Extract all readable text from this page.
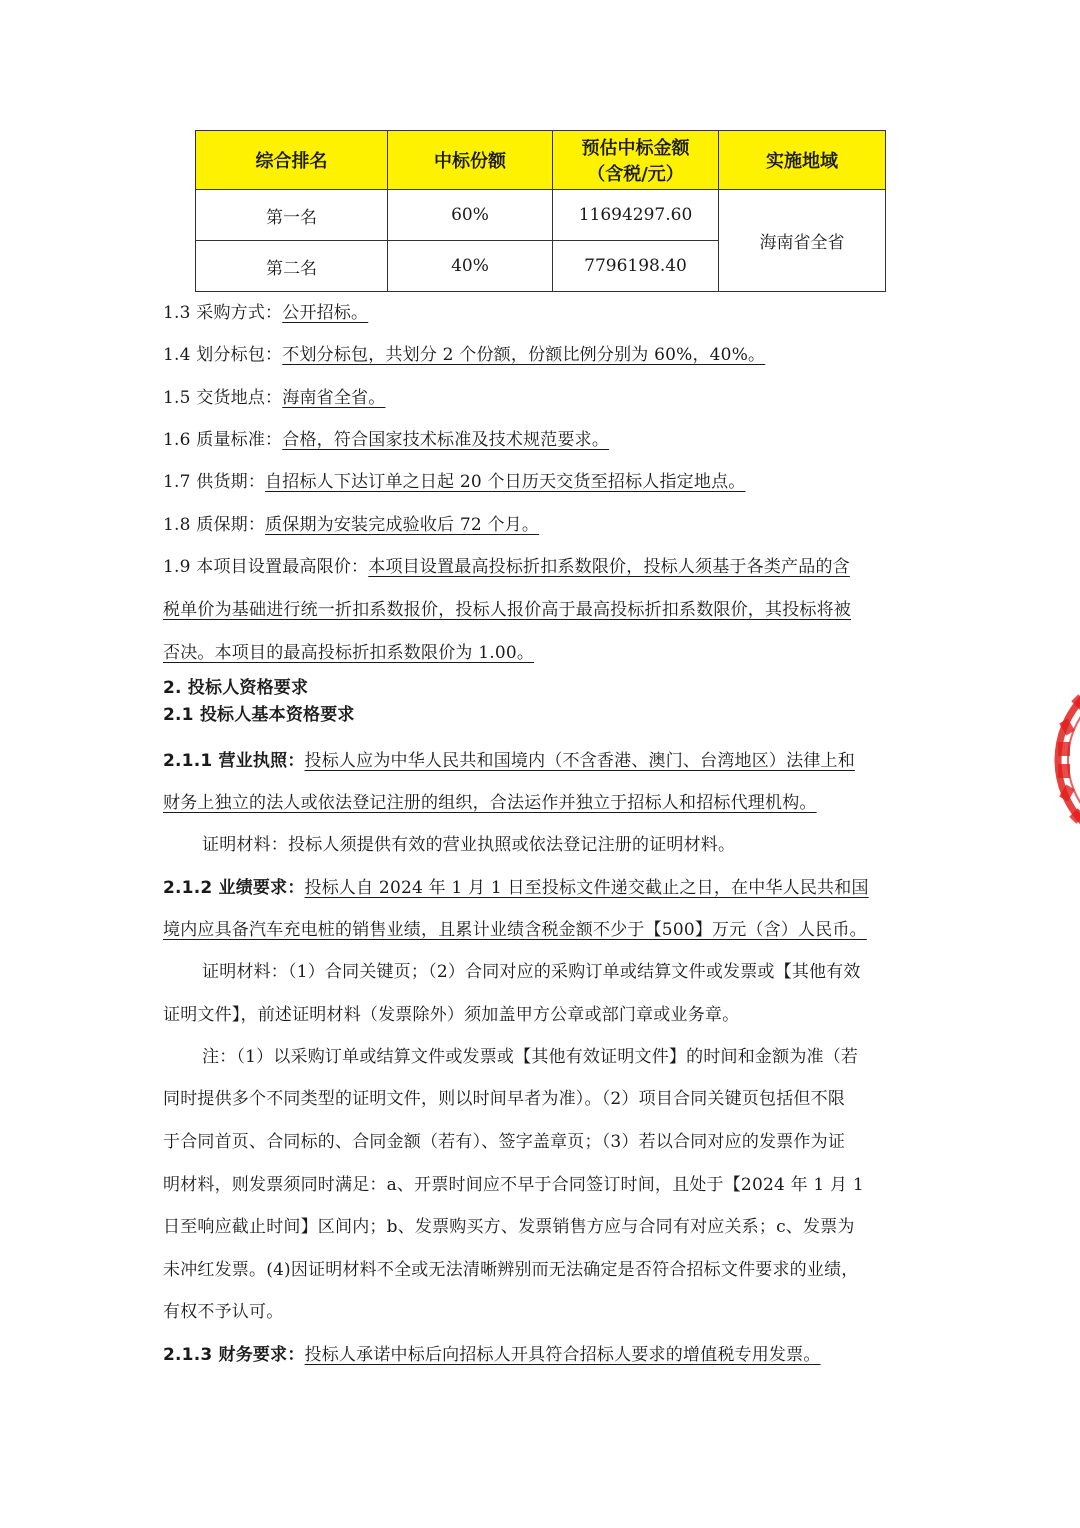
综合排名	中标份额	预估中标金额
（含税/元）	实施地域
第一名	60%	11694297.60	海南省全省
第二名	40%	7796198.40	
1.3 采购方式：公开招标。
1.4 划分标包：不划分标包，共划分 2 个份额，份额比例分别为 60%，40%。
1.5 交货地点：海南省全省。
1.6 质量标准：合格，符合国家技术标准及技术规范要求。
1.7 供货期：自招标人下达订单之日起 20 个日历天交货至招标人指定地点。
1.8 质保期：质保期为安装完成验收后 72 个月。
1.9 本项目设置最高限价：本项目设置最高投标折扣系数限价，投标人须基于各类产品的含
税单价为基础进行统一折扣系数报价，投标人报价高于最高投标折扣系数限价，其投标将被
否决。本项目的最高投标折扣系数限价为 1.00。
2. 投标人资格要求
2.1 投标人基本资格要求
2.1.1 营业执照：投标人应为中华人民共和国境内（不含香港、澳门、台湾地区）法律上和
财务上独立的法人或依法登记注册的组织，合法运作并独立于招标人和招标代理机构。
证明材料：投标人须提供有效的营业执照或依法登记注册的证明材料。
2.1.2 业绩要求：投标人自 2024 年 1 月 1 日至投标文件递交截止之日，在中华人民共和国
境内应具备汽车充电桩的销售业绩，且累计业绩含税金额不少于【500】万元（含）人民币。
证明材料：（1）合同关键页；（2）合同对应的采购订单或结算文件或发票或【其他有效
证明文件】，前述证明材料（发票除外）须加盖甲方公章或部门章或业务章。
注：（1）以采购订单或结算文件或发票或【其他有效证明文件】的时间和金额为准（若
同时提供多个不同类型的证明文件，则以时间早者为准）。（2）项目合同关键页包括但不限
于合同首页、合同标的、合同金额（若有）、签字盖章页；（3）若以合同对应的发票作为证
明材料，则发票须同时满足：a、开票时间应不早于合同签订时间，且处于【2024 年 1 月 1
日至响应截止时间】区间内；b、发票购买方、发票销售方应与合同有对应关系；c、发票为
未冲红发票。(4)因证明材料不全或无法清晰辨别而无法确定是否符合招标文件要求的业绩，
有权不予认可。
2.1.3 财务要求：投标人承诺中标后向招标人开具符合招标人要求的增值税专用发票。
